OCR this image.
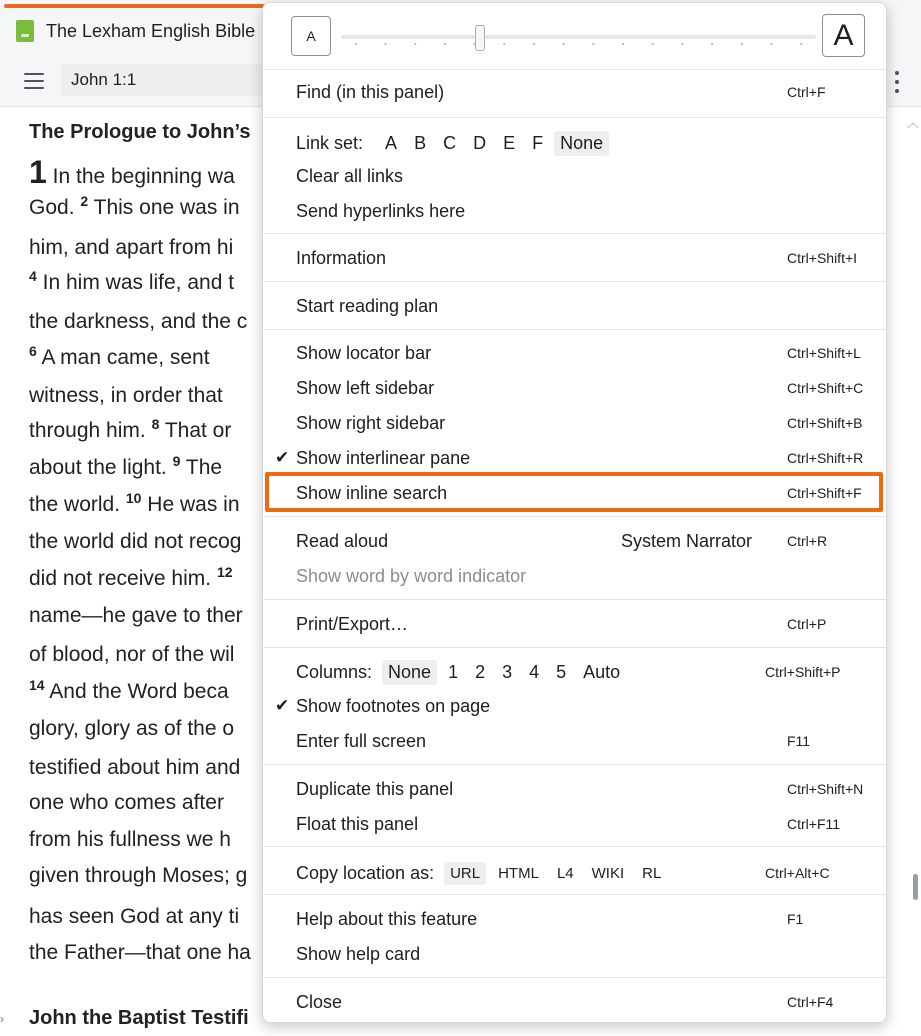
The Lexham English Bible
John 1:1
︿
›
The Prologue to John’s
John the Baptist Testifi
1 In the beginning wa
God. $^2$ This one was in
him, and apart from hi
$^4$ In him was life, and t
the darkness, and the c
$^6$ A man came, sent
witness, in order that
through him. $^8$ That or
about the light. $^9$ The
the world. $^{10}$ He was in
the world did not recog
did not receive him. $^{12}$
name—he gave to ther
of blood, nor of the wil
$^{14}$ And the Word beca
glory, glory as of the o
testified about him and
one who comes after
from his fullness we h
given through Moses; g
has seen God at any ti
the Father—that one ha
A	A
Find (in this panel)	Ctrl+F
Link set:	A B C D E F None
Clear all links
Send hyperlinks here
Information	Ctrl+Shift+I
Start reading plan
Show locator bar	Ctrl+Shift+L
Show left sidebar	Ctrl+Shift+C
Show right sidebar	Ctrl+Shift+B
✔ Show interlinear pane	Ctrl+Shift+R
Show inline search	Ctrl+Shift+F
Read aloud	System Narrator Ctrl+R
Show word by word indicator
Print/Export…	Ctrl+P
Columns: None 1 2 3 4 5 Auto	Ctrl+Shift+P
✔ Show footnotes on page
Enter full screen	F11
Duplicate this panel	Ctrl+Shift+N
Float this panel	Ctrl+F11
Copy location as:	URL	HTML	L4	WIKI	RL	Ctrl+Alt+C
Help about this feature	F1
Show help card
Close	Ctrl+F4
